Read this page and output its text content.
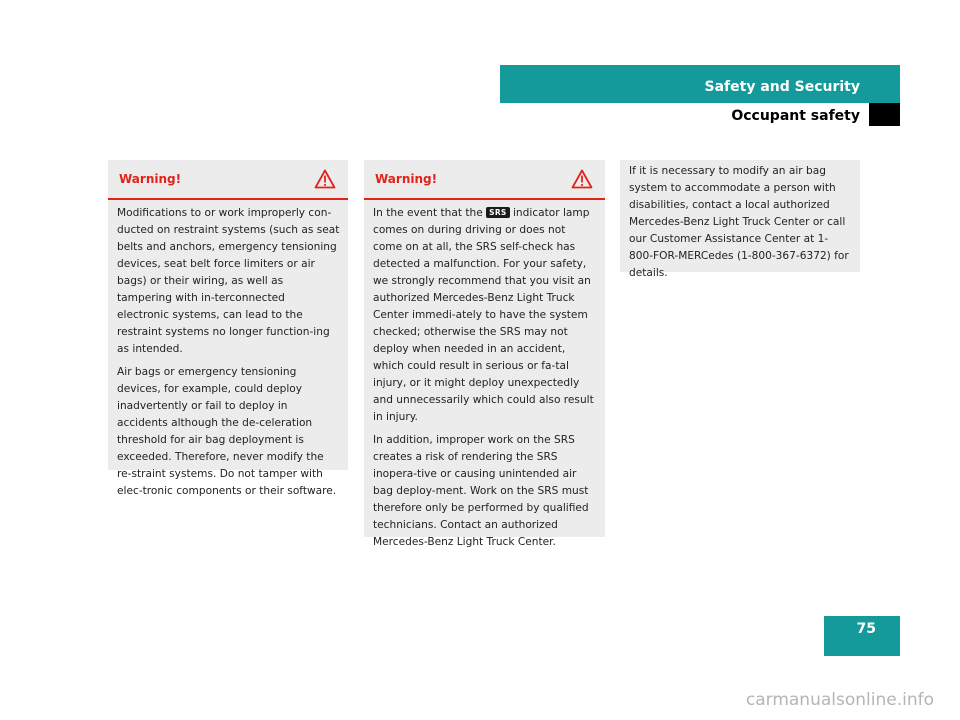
Safety and Security
Occupant safety
Warning!

Modifications to or work improperly con-ducted on restraint systems (such as seat belts and anchors, emergency tensioning devices, seat belt force limiters or air bags) or their wiring, as well as tampering with in-terconnected electronic systems, can lead to the restraint systems no longer function-ing as intended.

Air bags or emergency tensioning devices, for example, could deploy inadvertently or fail to deploy in accidents although the de-celeration threshold for air bag deployment is exceeded. Therefore, never modify the re-straint systems. Do not tamper with elec-tronic components or their software.

Warning!

In the event that the SRS indicator lamp comes on during driving or does not come on at all, the SRS self-check has detected a malfunction. For your safety, we strongly recommend that you visit an authorized Mercedes-Benz Light Truck Center immedi-ately to have the system checked; otherwise the SRS may not deploy when needed in an accident, which could result in serious or fa-tal injury, or it might deploy unexpectedly and unnecessarily which could also result in injury.

In addition, improper work on the SRS creates a risk of rendering the SRS inopera-tive or causing unintended air bag deploy-ment. Work on the SRS must therefore only be performed by qualified technicians. Contact an authorized Mercedes-Benz Light Truck Center.

If it is necessary to modify an air bag system to accommodate a person with disabilities, contact a local authorized Mercedes-Benz Light Truck Center or call our Customer Assistance Center at 1-800-FOR-MERCedes (1-800-367-6372) for details.

75
carmanualsonline.info
